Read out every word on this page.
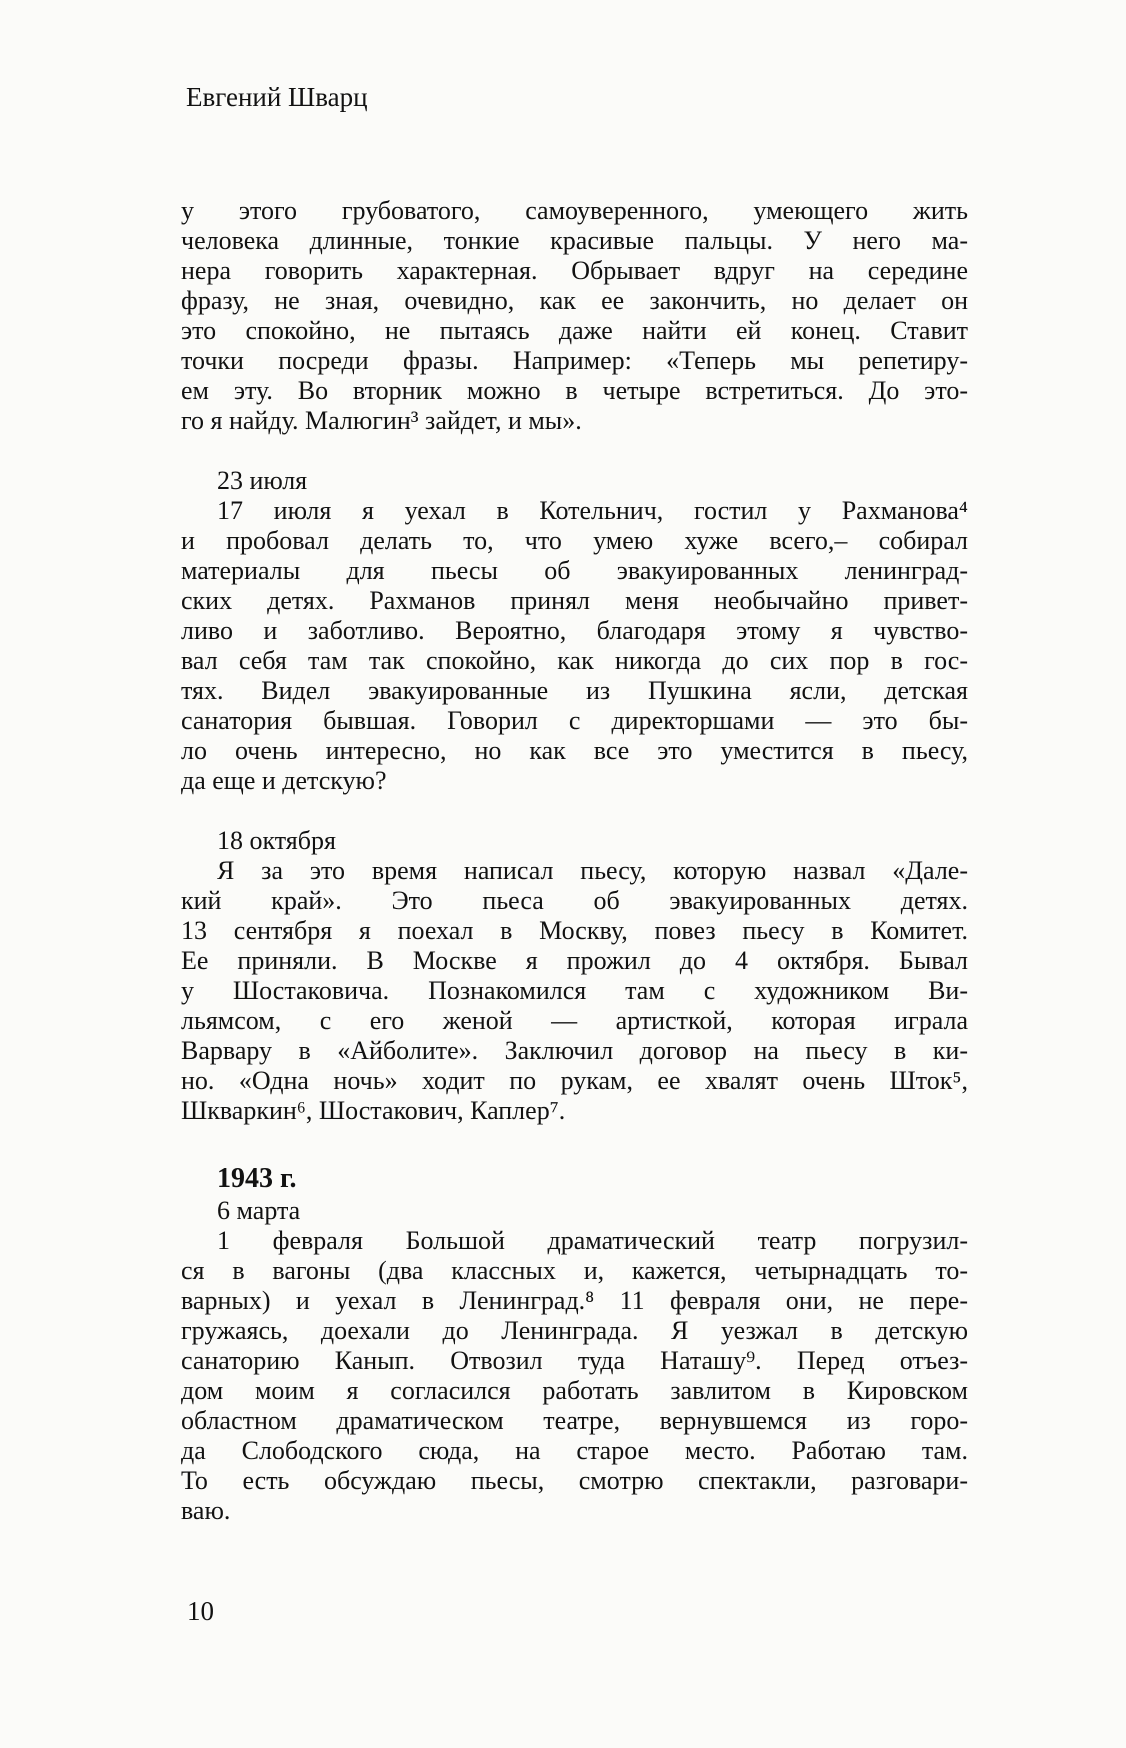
Евгений Шварц
у этого грубоватого, самоуверенного, умеющего жить
человека длинные, тонкие красивые пальцы. У него ма-
нера говорить характерная. Обрывает вдруг на середине
фразу, не зная, очевидно, как ее закончить, но делает он
это спокойно, не пытаясь даже найти ей конец. Ставит
точки посреди фразы. Например: «Теперь мы репетиру-
ем эту. Во вторник можно в четыре встретиться. До это-
го я найду. Малюгин³ зайдет, и мы».
23 июля
17 июля я уехал в Котельнич, гостил у Рахманова⁴
и пробовал делать то, что умею хуже всего,– собирал
материалы для пьесы об эвакуированных ленинград-
ских детях. Рахманов принял меня необычайно привет-
ливо и заботливо. Вероятно, благодаря этому я чувство-
вал себя там так спокойно, как никогда до сих пор в гос-
тях. Видел эвакуированные из Пушкина ясли, детская
санатория бывшая. Говорил с директоршами — это бы-
ло очень интересно, но как все это уместится в пьесу,
да еще и детскую?
18 октября
Я за это время написал пьесу, которую назвал «Дале-
кий край». Это пьеса об эвакуированных детях.
13 сентября я поехал в Москву, повез пьесу в Комитет.
Ее приняли. В Москве я прожил до 4 октября. Бывал
у Шостаковича. Познакомился там с художником Ви-
льямсом, с его женой — артисткой, которая играла
Варвару в «Айболите». Заключил договор на пьесу в ки-
но. «Одна ночь» ходит по рукам, ее хвалят очень Шток⁵,
Шкваркин⁶, Шостакович, Каплер⁷.
1943 г.
6 марта
1 февраля Большой драматический театр погрузил-
ся в вагоны (два классных и, кажется, четырнадцать то-
варных) и уехал в Ленинград.⁸ 11 февраля они, не пере-
гружаясь, доехали до Ленинграда. Я уезжал в детскую
санаторию Канып. Отвозил туда Наташу⁹. Перед отъез-
дом моим я согласился работать завлитом в Кировском
областном драматическом театре, вернувшемся из горо-
да Слободского сюда, на старое место. Работаю там.
То есть обсуждаю пьесы, смотрю спектакли, разговари-
ваю.
10
